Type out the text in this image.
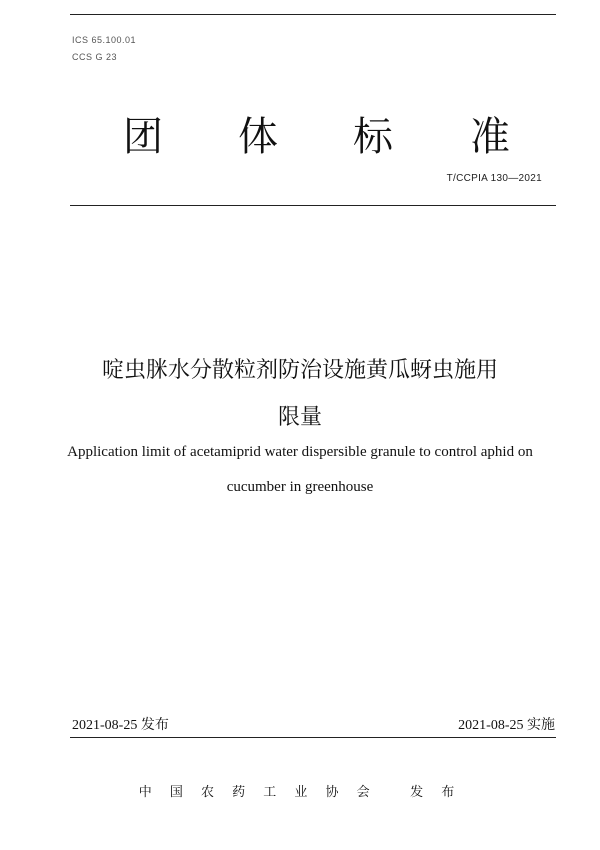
ICS 65.100.01
CCS G 23
团 体 标 准
T/CCPIA 130—2021
啶虫脒水分散粒剂防治设施黄瓜蚜虫施用
限量
Application limit of acetamiprid water dispersible granule to control aphid on
cucumber in greenhouse
2021-08-25 发布	2021-08-25 实施
中 国 农 药 工 业 协 会	发 布
